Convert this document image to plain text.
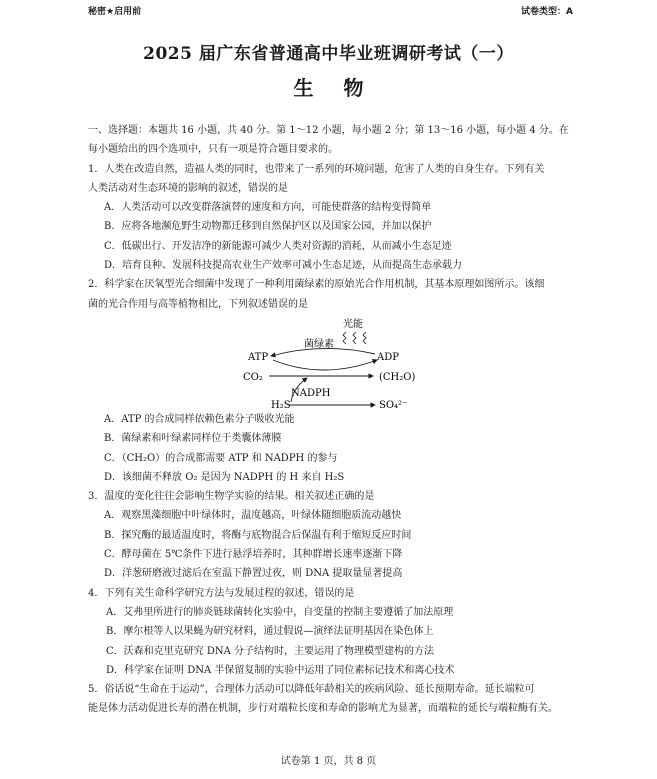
秘密★启用前	试卷类型：A
2025 届广东省普通高中毕业班调研考试（一）
生物

一、选择题：本题共 16 小题，共 40 分。第 1～12 小题，每小题 2 分；第 13～16 小题，每小题 4 分。在

每小题给出的四个选项中，只有一项是符合题目要求的。

1．人类在改造自然，造福人类的同时，也带来了一系列的环境问题，危害了人类的自身生存。下列有关

人类活动对生态环境的影响的叙述，错误的是

A．人类活动可以改变群落演替的速度和方向，可能使群落的结构变得简单

B．应将各地濒危野生动物都迁移到自然保护区以及国家公园，并加以保护

C．低碳出行、开发洁净的新能源可减少人类对资源的消耗，从而减小生态足迹

D．培育良种、发展科技提高农业生产效率可减小生态足迹，从而提高生态承载力

2．科学家在厌氧型光合细菌中发现了一种利用菌绿素的原始光合作用机制，其基本原理如图所示。该细

菌的光合作用与高等植物相比，下列叙述错误的是

光能
菌绿素
ATP	ADP
CO₂	(CH₂O)
NADPH
H₂S	SO₄²⁻

A．ATP 的合成同样依赖色素分子吸收光能

B．菌绿素和叶绿素同样位于类囊体薄膜

C．（CH₂O）的合成都需要 ATP 和 NADPH 的参与

D．该细菌不释放 O₂ 是因为 NADPH 的 H 来自 H₂S

3．温度的变化往往会影响生物学实验的结果。相关叙述正确的是

A．观察黑藻细胞中叶绿体时，温度越高，叶绿体随细胞质流动越快

B．探究酶的最适温度时，将酶与底物混合后保温有利于缩短反应时间

C．酵母菌在 5℃条件下进行悬浮培养时，其种群增长速率逐渐下降

D．洋葱研磨液过滤后在室温下静置过夜，则 DNA 提取量显著提高

4．下列有关生命科学研究方法与发展过程的叙述，错误的是

A．艾弗里所进行的肺炎链球菌转化实验中，自变量的控制主要遵循了加法原理

B．摩尔根等人以果蝇为研究材料，通过假说—演绎法证明基因在染色体上

C．沃森和克里克研究 DNA 分子结构时，主要运用了物理模型建构的方法

D．科学家在证明 DNA 半保留复制的实验中运用了同位素标记技术和离心技术

5．俗话说“生命在于运动”，合理体力活动可以降低年龄相关的疾病风险、延长预期寿命。延长端粒可

能是体力活动促进长寿的潜在机制，步行对端粒长度和寿命的影响尤为显著，而端粒的延长与端粒酶有关。

试卷第 1 页，共 8 页
